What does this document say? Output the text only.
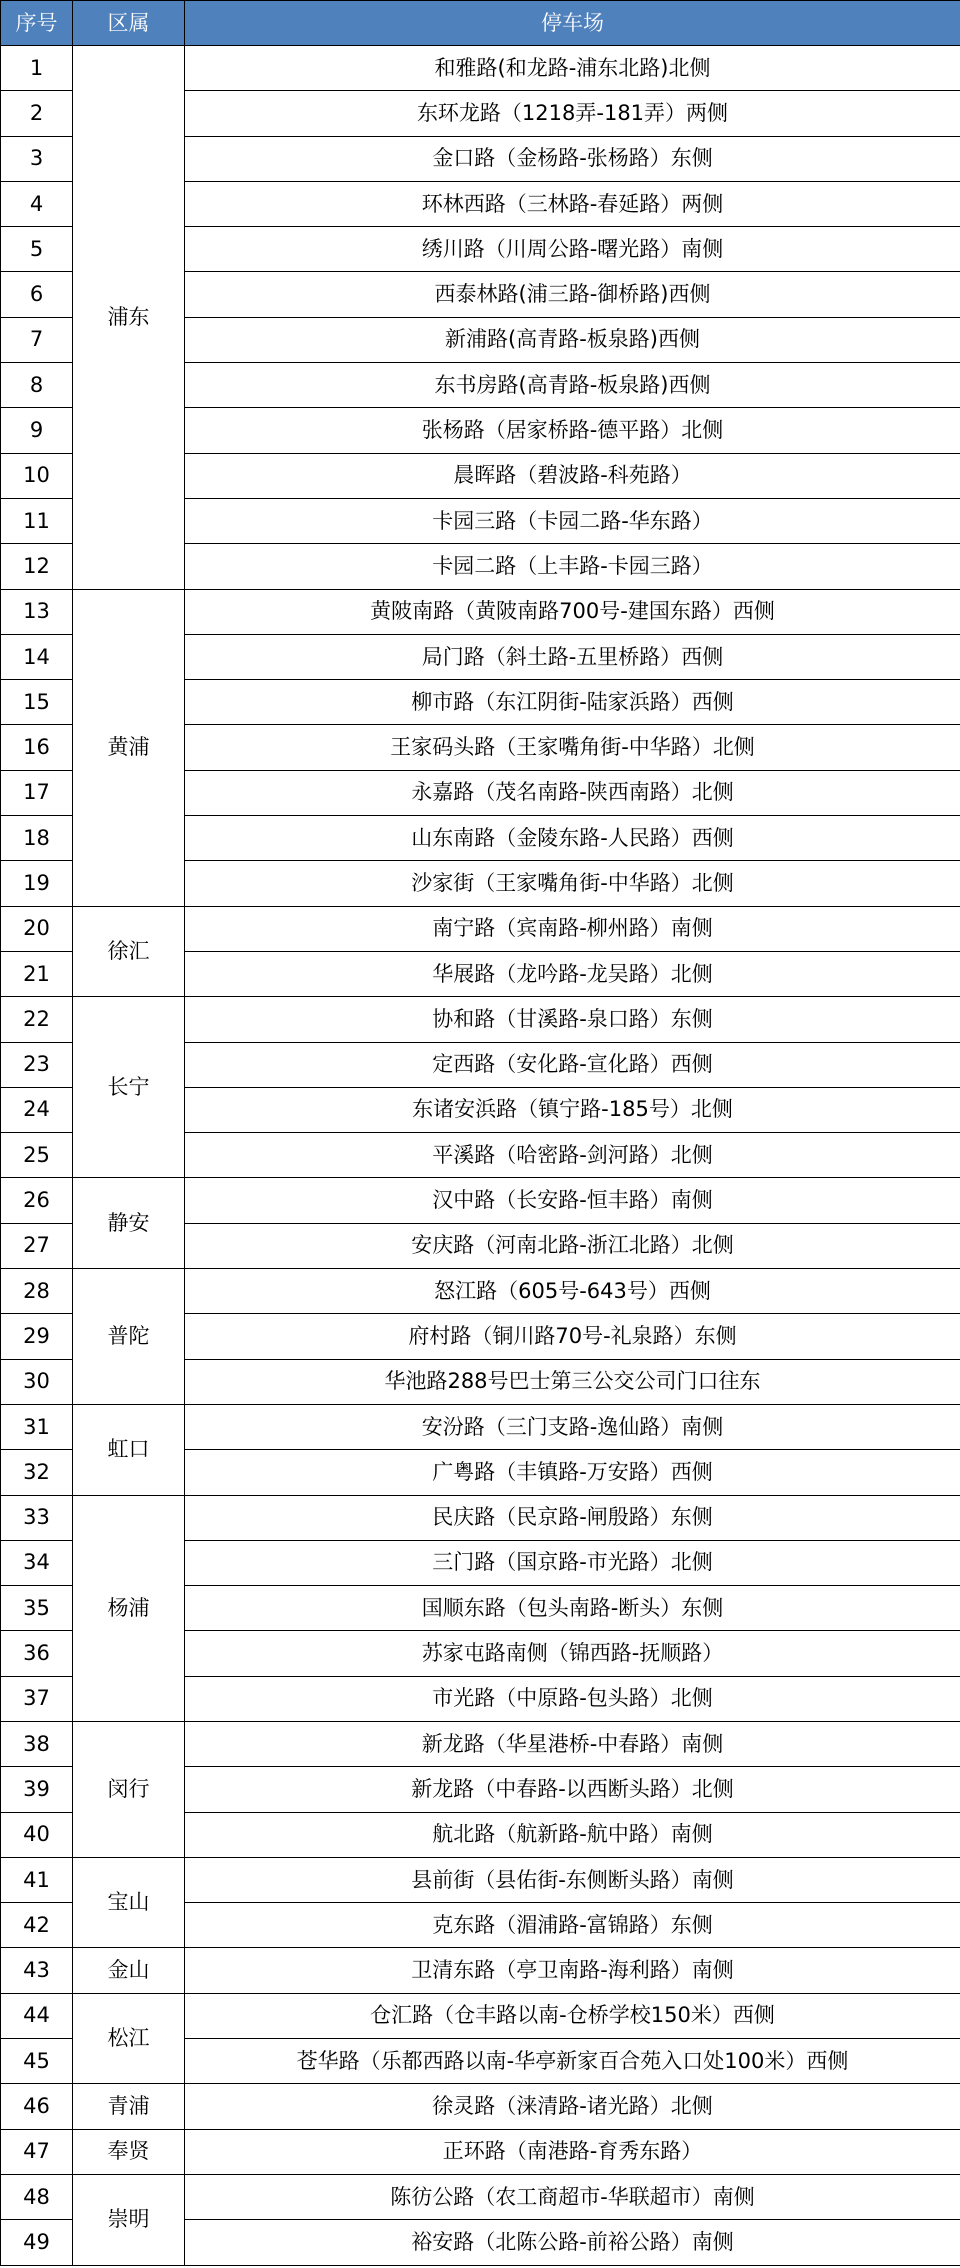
序号	区属	停车场
1	浦东	和雅路(和龙路-浦东北路)北侧
2		东环龙路（1218弄-181弄）两侧
3		金口路（金杨路-张杨路）东侧
4		环林西路（三林路-春延路）两侧
5		绣川路（川周公路-曙光路）南侧
6		西泰林路(浦三路-御桥路)西侧
7		新浦路(高青路-板泉路)西侧
8		东书房路(高青路-板泉路)西侧
9		张杨路（居家桥路-德平路）北侧
10		晨晖路（碧波路-科苑路）
11		卡园三路（卡园二路-华东路）
12		卡园二路（上丰路-卡园三路）
13	黄浦	黄陂南路（黄陂南路700号-建国东路）西侧
14		局门路（斜土路-五里桥路）西侧
15		柳市路（东江阴街-陆家浜路）西侧
16		王家码头路（王家嘴角街-中华路）北侧
17		永嘉路（茂名南路-陕西南路）北侧
18		山东南路（金陵东路-人民路）西侧
19		沙家街（王家嘴角街-中华路）北侧
20	徐汇	南宁路（宾南路-柳州路）南侧
21		华展路（龙吟路-龙吴路）北侧
22	长宁	协和路（甘溪路-泉口路）东侧
23		定西路（安化路-宣化路）西侧
24		东诸安浜路（镇宁路-185号）北侧
25		平溪路（哈密路-剑河路）北侧
26	静安	汉中路（长安路-恒丰路）南侧
27		安庆路（河南北路-浙江北路）北侧
28	普陀	怒江路（605号-643号）西侧
29		府村路（铜川路70号-礼泉路）东侧
30		华池路288号巴士第三公交公司门口往东
31	虹口	安汾路（三门支路-逸仙路）南侧
32		广粤路（丰镇路-万安路）西侧
33	杨浦	民庆路（民京路-闸殷路）东侧
34		三门路（国京路-市光路）北侧
35		国顺东路（包头南路-断头）东侧
36		苏家屯路南侧（锦西路-抚顺路）
37		市光路（中原路-包头路）北侧
38	闵行	新龙路（华星港桥-中春路）南侧
39		新龙路（中春路-以西断头路）北侧
40		航北路（航新路-航中路）南侧
41	宝山	县前街（县佑街-东侧断头路）南侧
42		克东路（湄浦路-富锦路）东侧
43	金山	卫清东路（亭卫南路-海利路）南侧
44	松江	仓汇路（仓丰路以南-仓桥学校150米）西侧
45		苍华路（乐都西路以南-华亭新家百合苑入口处100米）西侧
46	青浦	徐灵路（涞清路-诸光路）北侧
47	奉贤	正环路（南港路-育秀东路）
48	崇明	陈彷公路（农工商超市-华联超市）南侧
49		裕安路（北陈公路-前裕公路）南侧
